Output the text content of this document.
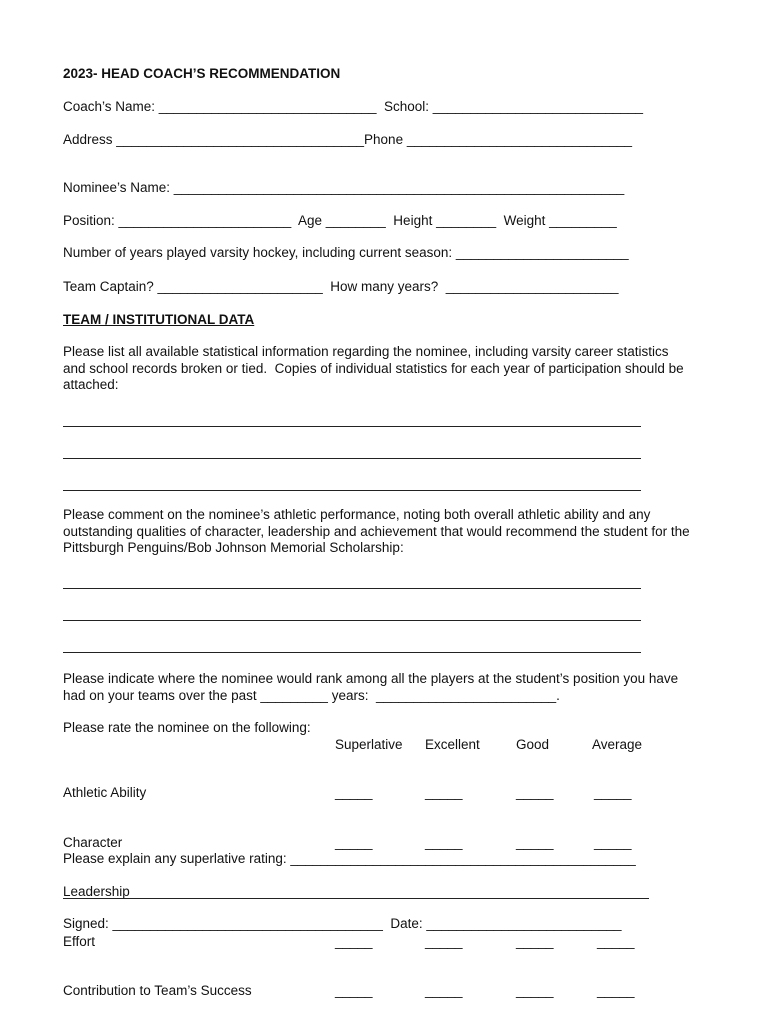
2023- HEAD COACH’S RECOMMENDATION
Coach’s Name: _____________________________  School: ____________________________
Address _________________________________Phone ______________________________
Nominee’s Name: ____________________________________________________________
Position: _______________________  Age ________  Height ________  Weight _________
Number of years played varsity hockey, including current season: _______________________
Team Captain? ______________________  How many years?  _______________________
TEAM / INSTITUTIONAL DATA
Please list all available statistical information regarding the nominee, including varsity career statistics
and school records broken or tied.  Copies of individual statistics for each year of participation should be
attached:
Please comment on the nominee’s athletic performance, noting both overall athletic ability and any
outstanding qualities of character, leadership and achievement that would recommend the student for the
Pittsburgh Penguins/Bob Johnson Memorial Scholarship:
Please indicate where the nominee would rank among all the players at the student’s position you have
had on your teams over the past _________ years:  ________________________.
Please rate the nominee on the following:
Superlative Excellent	Good	Average

Athletic Ability

Character

Leadership

Effort

Contribution to Team’s Success

_____

_____

_____

_____

_____

_____

_____

_____

_____

_____

_____

_____

_____

_____

_____

_____

_____

_____

_____

_____

Please explain any superlative rating: ______________________________________________
Signed: ____________________________________  Date: __________________________
